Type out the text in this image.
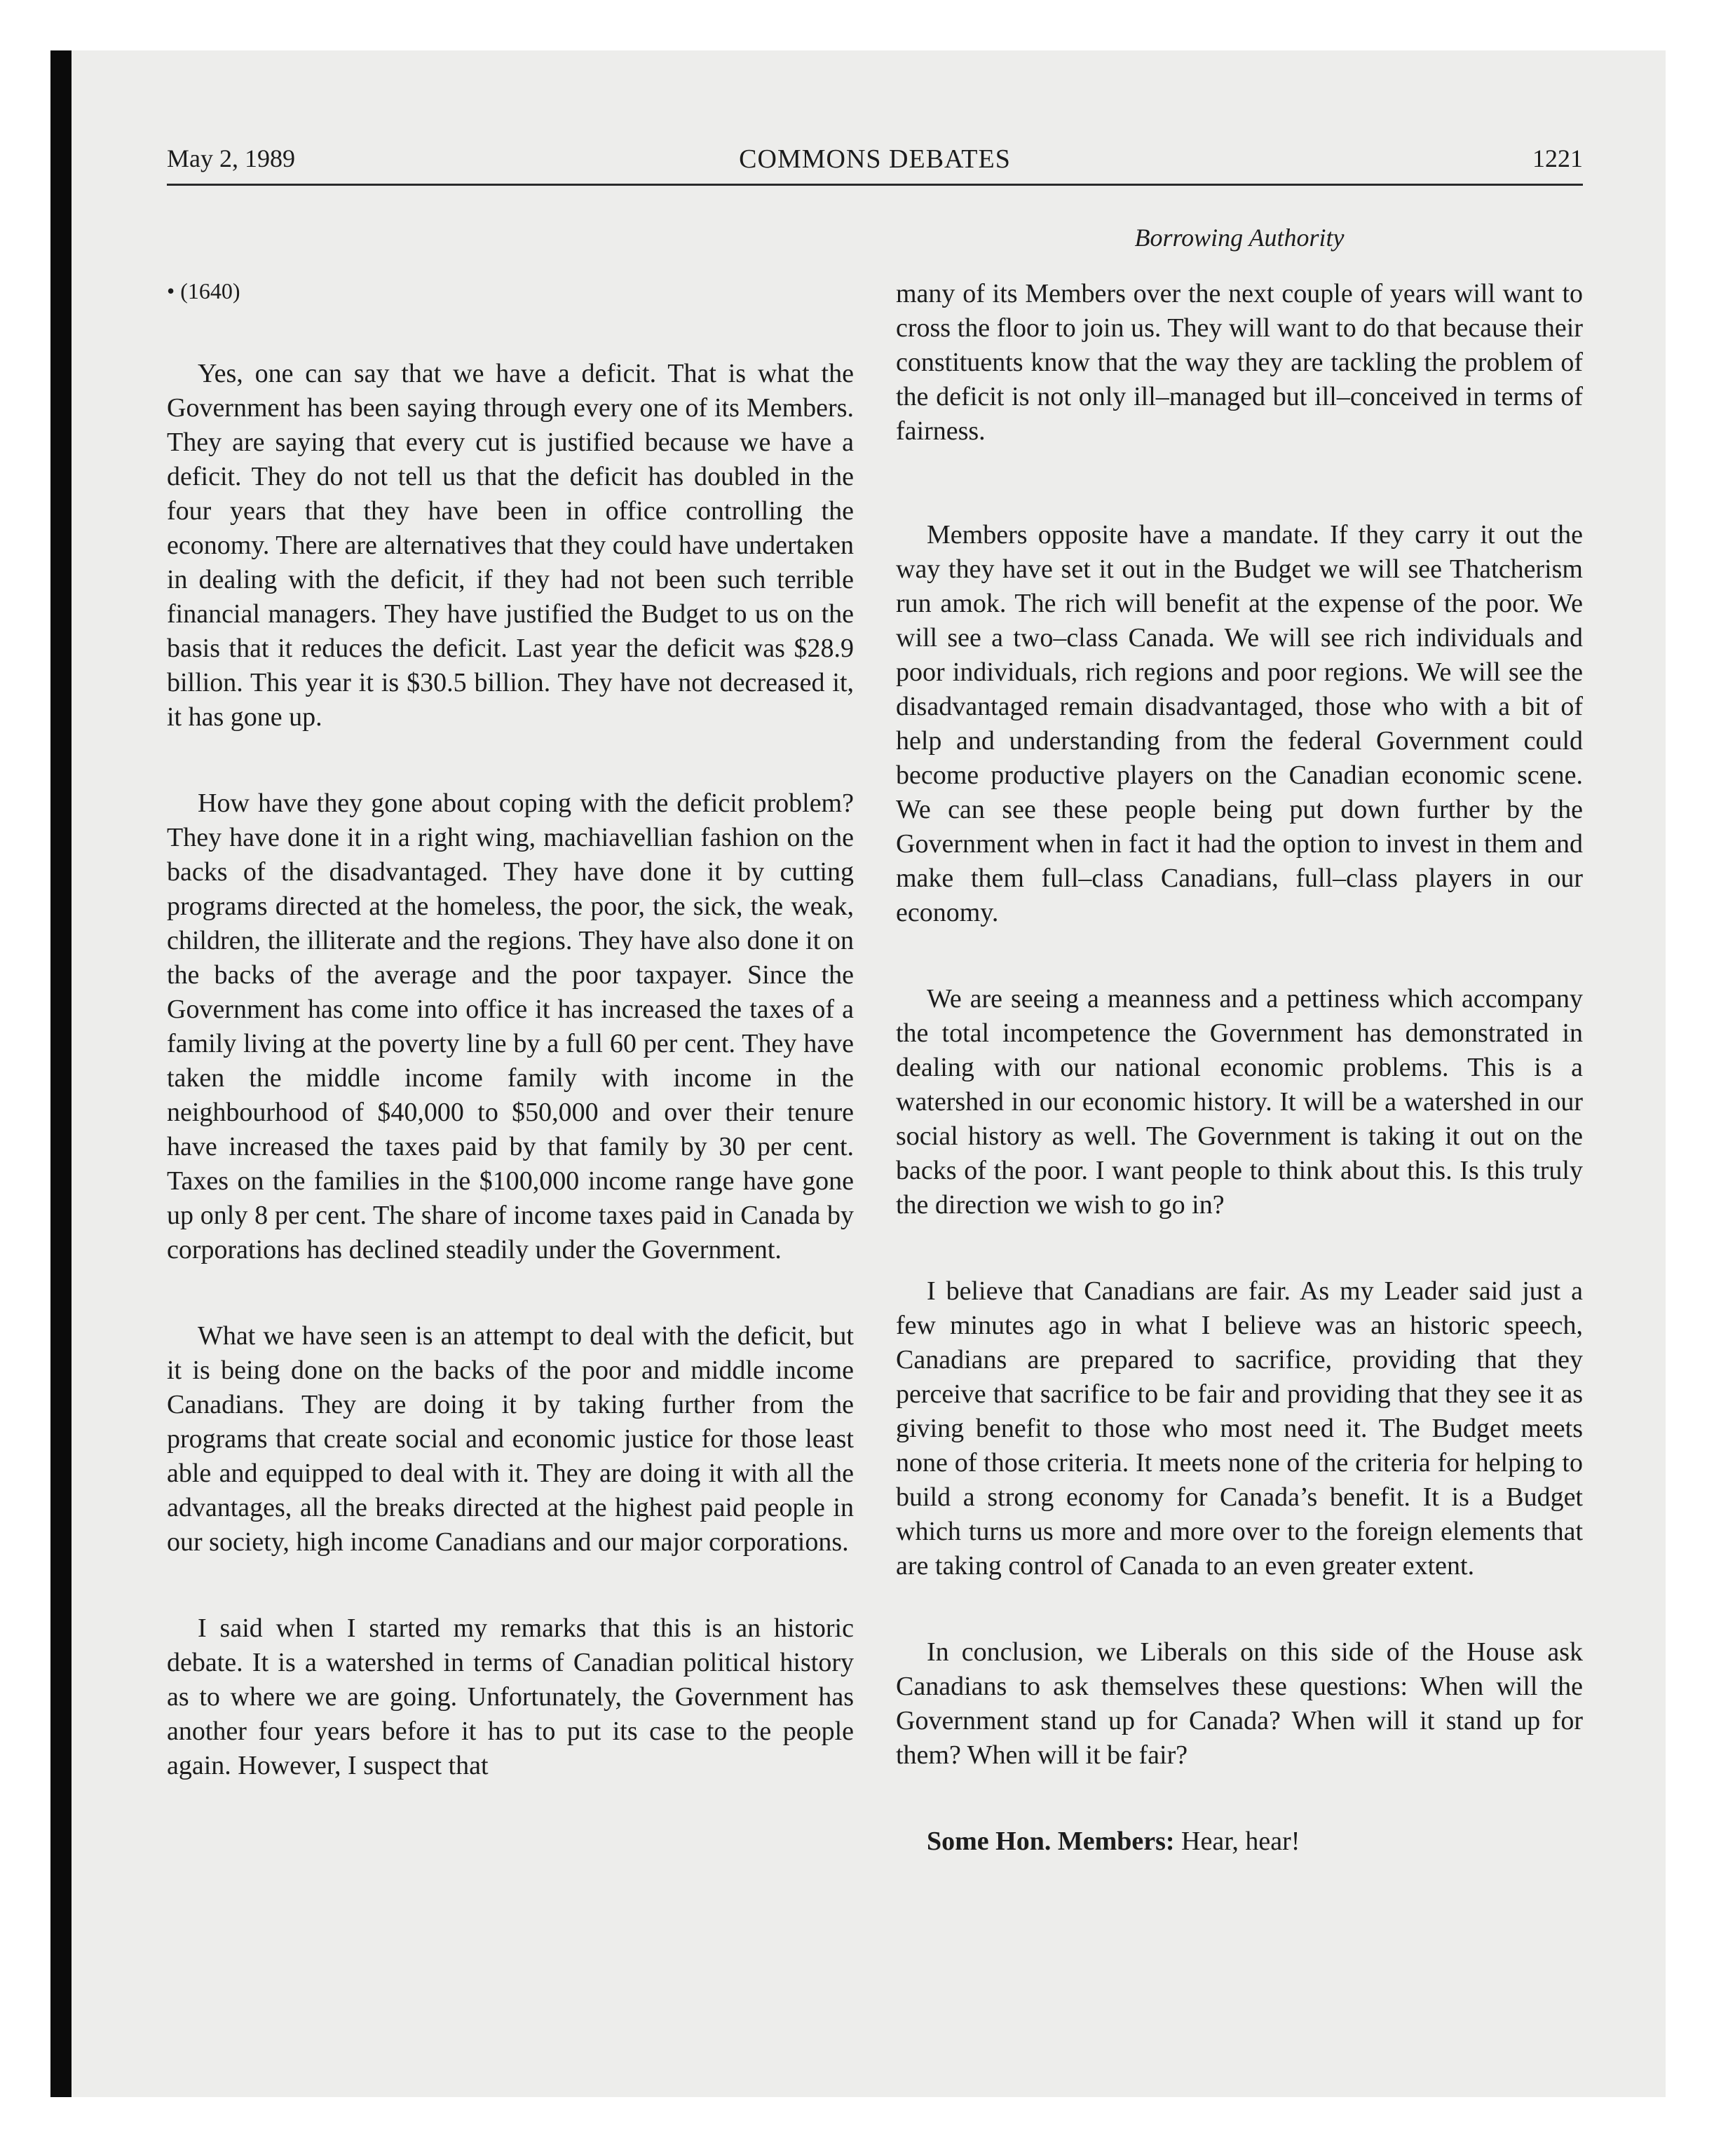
May 2, 1989	COMMONS DEBATES	1221
Borrowing Authority

• (1640)

Yes, one can say that we have a deficit. That is what the Government has been saying through every one of its Members. They are saying that every cut is justified because we have a deficit. They do not tell us that the deficit has doubled in the four years that they have been in office controlling the economy. There are alternatives that they could have undertaken in dealing with the deficit, if they had not been such terrible financial managers. They have justified the Budget to us on the basis that it reduces the deficit. Last year the deficit was $28.9 billion. This year it is $30.5 billion. They have not decreased it, it has gone up.

How have they gone about coping with the deficit problem? They have done it in a right wing, machiavellian fashion on the backs of the disadvantaged. They have done it by cutting programs directed at the homeless, the poor, the sick, the weak, children, the illiterate and the regions. They have also done it on the backs of the average and the poor taxpayer. Since the Government has come into office it has increased the taxes of a family living at the poverty line by a full 60 per cent. They have taken the middle income family with income in the neighbourhood of $40,000 to $50,000 and over their tenure have increased the taxes paid by that family by 30 per cent. Taxes on the families in the $100,000 income range have gone up only 8 per cent. The share of income taxes paid in Canada by corporations has declined steadily under the Government.

What we have seen is an attempt to deal with the deficit, but it is being done on the backs of the poor and middle income Canadians. They are doing it by taking further from the programs that create social and economic justice for those least able and equipped to deal with it. They are doing it with all the advantages, all the breaks directed at the highest paid people in our society, high income Canadians and our major corporations.

I said when I started my remarks that this is an historic debate. It is a watershed in terms of Canadian political history as to where we are going. Unfortunately, the Government has another four years before it has to put its case to the people again. However, I suspect that

many of its Members over the next couple of years will want to cross the floor to join us. They will want to do that because their constituents know that the way they are tackling the problem of the deficit is not only ill–managed but ill–conceived in terms of fairness.

Members opposite have a mandate. If they carry it out the way they have set it out in the Budget we will see Thatcherism run amok. The rich will benefit at the expense of the poor. We will see a two–class Canada. We will see rich individuals and poor individuals, rich regions and poor regions. We will see the disadvantaged remain disadvantaged, those who with a bit of help and understanding from the federal Government could become productive players on the Canadian economic scene. We can see these people being put down further by the Government when in fact it had the option to invest in them and make them full–class Canadians, full–class players in our economy.

We are seeing a meanness and a pettiness which accompany the total incompetence the Government has demonstrated in dealing with our national economic problems. This is a watershed in our economic history. It will be a watershed in our social history as well. The Government is taking it out on the backs of the poor. I want people to think about this. Is this truly the direction we wish to go in?

I believe that Canadians are fair. As my Leader said just a few minutes ago in what I believe was an historic speech, Canadians are prepared to sacrifice, providing that they perceive that sacrifice to be fair and providing that they see it as giving benefit to those who most need it. The Budget meets none of those criteria. It meets none of the criteria for helping to build a strong economy for Canada’s benefit. It is a Budget which turns us more and more over to the foreign elements that are taking control of Canada to an even greater extent.

In conclusion, we Liberals on this side of the House ask Canadians to ask themselves these questions: When will the Government stand up for Canada? When will it stand up for them? When will it be fair?

Some Hon. Members: Hear, hear!
